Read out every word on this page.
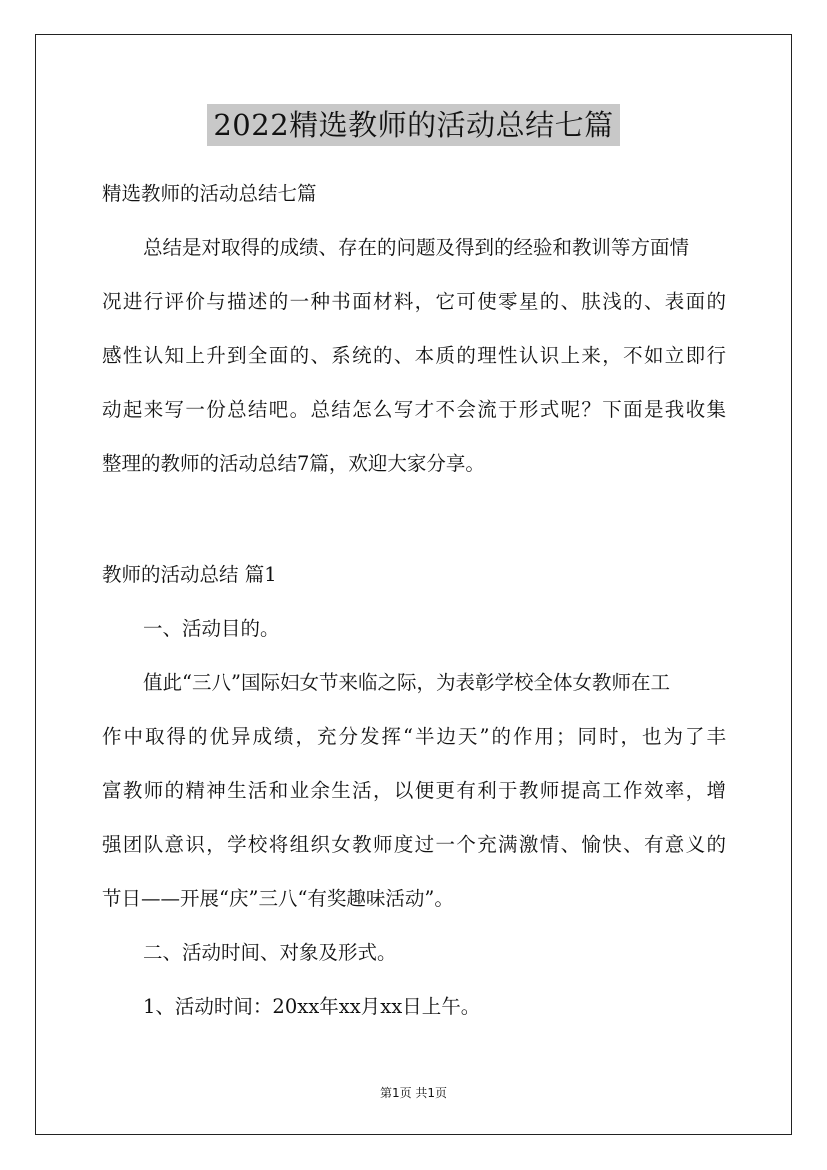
2022精选教师的活动总结七篇
精选教师的活动总结七篇
总结是对取得的成绩、存在的问题及得到的经验和教训等方面情
况进行评价与描述的一种书面材料，它可使零星的、肤浅的、表面的
感性认知上升到全面的、系统的、本质的理性认识上来，不如立即行
动起来写一份总结吧。总结怎么写才不会流于形式呢？下面是我收集
整理的教师的活动总结7篇，欢迎大家分享。
教师的活动总结 篇1
一、活动目的。
值此“三八”国际妇女节来临之际，为表彰学校全体女教师在工
作中取得的优异成绩，充分发挥“半边天”的作用；同时，也为了丰
富教师的精神生活和业余生活，以便更有利于教师提高工作效率，增
强团队意识，学校将组织女教师度过一个充满激情、愉快、有意义的
节日——开展“庆”三八“有奖趣味活动”。
二、活动时间、对象及形式。
1、活动时间：20xx年xx月xx日上午。
第1页 共1页
